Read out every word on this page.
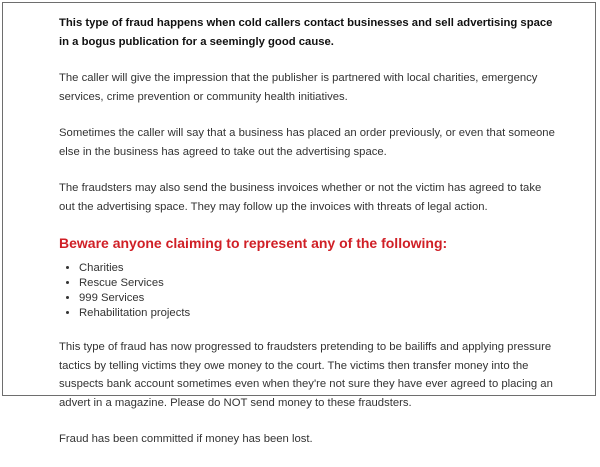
This type of fraud happens when cold callers contact businesses and sell advertising space in a bogus publication for a seemingly good cause.

The caller will give the impression that the publisher is partnered with local charities, emergency services, crime prevention or community health initiatives.

Sometimes the caller will say that a business has placed an order previously, or even that someone else in the business has agreed to take out the advertising space.

The fraudsters may also send the business invoices whether or not the victim has agreed to take out the advertising space. They may follow up the invoices with threats of legal action.

Beware anyone claiming to represent any of the following:
• Charities
• Rescue Services
• 999 Services
• Rehabilitation projects

This type of fraud has now progressed to fraudsters pretending to be bailiffs and applying pressure tactics by telling victims they owe money to the court. The victims then transfer money into the suspects bank account sometimes even when they're not sure they have ever agreed to placing an advert in a magazine. Please do NOT send money to these fraudsters.

Fraud has been committed if money has been lost.
